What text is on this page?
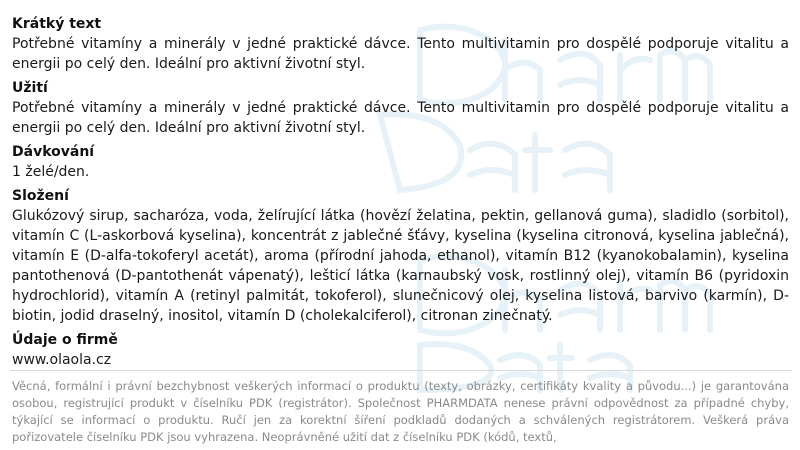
Krátký text

Potřebné vitamíny a minerály v jedné praktické dávce. Tento multivitamin pro dospělé podporuje vitalitu a energii po celý den. Ideální pro aktivní životní styl.

Užití

Potřebné vitamíny a minerály v jedné praktické dávce. Tento multivitamin pro dospělé podporuje vitalitu a energii po celý den. Ideální pro aktivní životní styl.

Dávkování

1 želé/den.

Složení

Glukózový sirup, sacharóza, voda, želírující látka (hovězí želatina, pektin, gellanová guma), sladidlo (sorbitol), vitamín C (L-askorbová kyselina), koncentrát z jablečné šťávy, kyselina (kyselina citronová, kyselina jablečná), vitamín E (D-alfa-tokoferyl acetát), aroma (přírodní jahoda, ethanol), vitamín B12 (kyanokobalamin), kyselina pantothenová (D-pantothenát vápenatý), lešticí látka (karnaubský vosk, rostlinný olej), vitamín B6 (pyridoxin hydrochlorid), vitamín A (retinyl palmitát, tokoferol), slunečnicový olej, kyselina listová, barvivo (karmín), D-biotin, jodid draselný, inositol, vitamín D (cholekalciferol), citronan zinečnatý.

Údaje o firmě

www.olaola.cz

Věcná, formální i právní bezchybnost veškerých informací o produktu (texty, obrázky, certifikáty kvality a původu...) je garantována osobou, registrující produkt v číselníku PDK (registrátor). Společnost PHARMDATA nenese právní odpovědnost za případné chyby, týkající se informací o produktu. Ručí jen za korektní šíření podkladů dodaných a schválených registrátorem. Veškerá práva pořizovatele číselníku PDK jsou vyhrazena. Neoprávněné užití dat z číselníku PDK (kódů, textů,
